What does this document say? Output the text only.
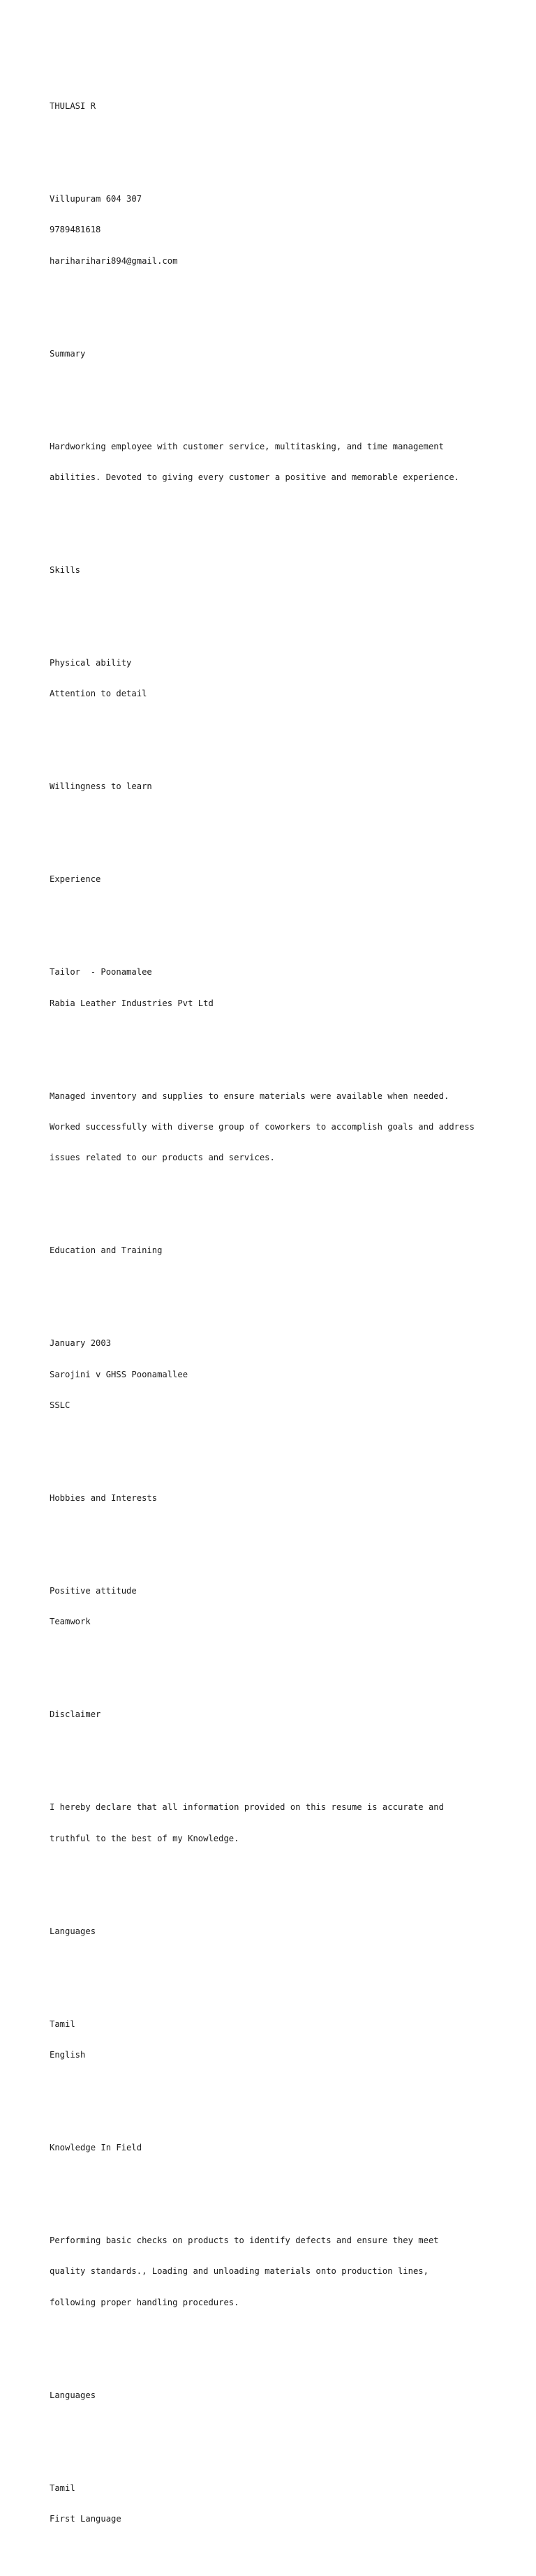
THULASI R

Villupuram 604 307

9789481618

harihariharі894@gmail.com

Summary

Hardworking employee with customer service, multitasking, and time management

abilities. Devoted to giving every customer a positive and memorable experience.

Skills

Physical ability

Attention to detail

Willingness to learn

Experience

Tailor  - Poonamalee

Rabia Leather Industries Pvt Ltd

Managed inventory and supplies to ensure materials were available when needed.

Worked successfully with diverse group of coworkers to accomplish goals and address

issues related to our products and services.

Education and Training

January 2003

Sarojini v GHSS Poonamallee

SSLC

Hobbies and Interests

Positive attitude

Teamwork

Disclaimer

I hereby declare that all information provided on this resume is accurate and

truthful to the best of my Knowledge.

Languages

Tamil

English

Knowledge In Field

Performing basic checks on products to identify defects and ensure they meet

quality standards., Loading and unloading materials onto production lines,

following proper handling procedures.

Languages

Tamil

First Language
